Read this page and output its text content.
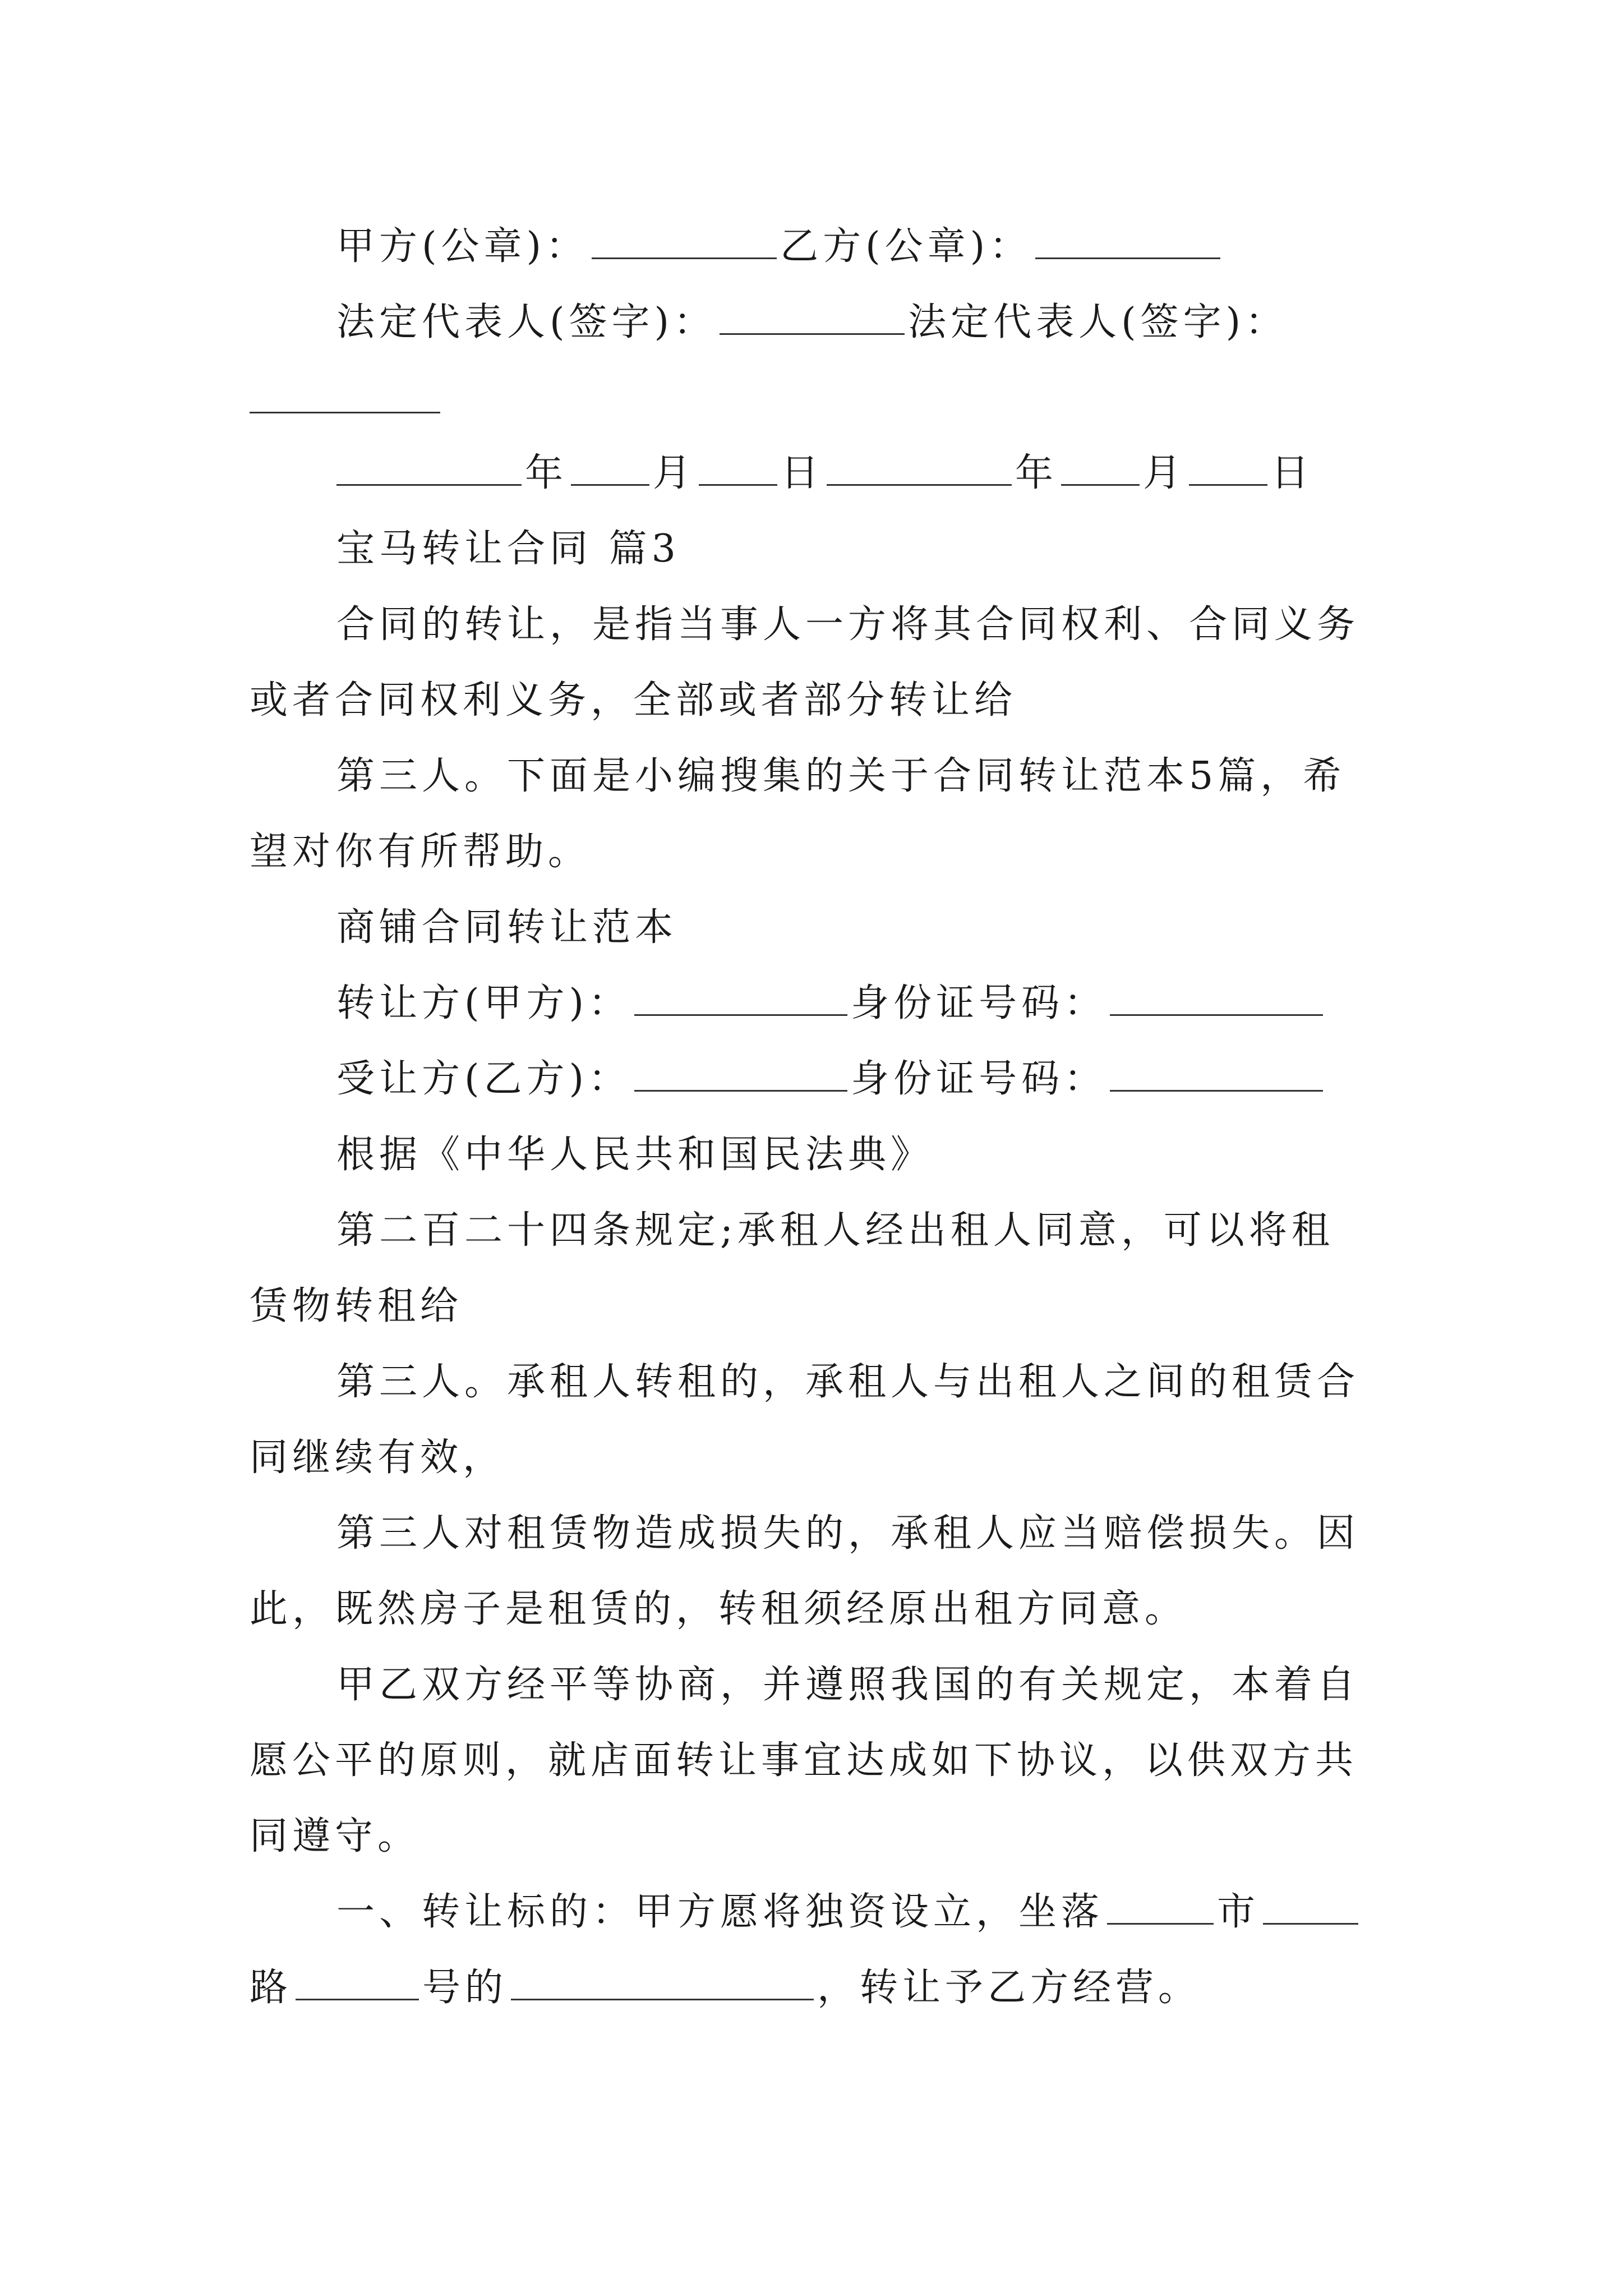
甲方(公章)：	乙方(公章)：

法定代表人(签字)：	法定代表人(签字)：

年 月 日	年 月 日

宝马转让合同 篇3

合同的转让，是指当事人一方将其合同权利、合同义务

或者合同权利义务，全部或者部分转让给

第三人。下面是小编搜集的关于合同转让范本5篇，希

望对你有所帮助。

商铺合同转让范本

转让方(甲方)：	身份证号码：

受让方(乙方)：	身份证号码：

根据《中华人民共和国民法典》

第二百二十四条规定;承租人经出租人同意，可以将租

赁物转租给

第三人。承租人转租的，承租人与出租人之间的租赁合

同继续有效，

第三人对租赁物造成损失的，承租人应当赔偿损失。因

此，既然房子是租赁的，转租须经原出租方同意。

甲乙双方经平等协商，并遵照我国的有关规定，本着自

愿公平的原则，就店面转让事宜达成如下协议，以供双方共

同遵守。

一、转让标的：甲方愿将独资设立，坐落	市

路	号的	，转让予乙方经营。
